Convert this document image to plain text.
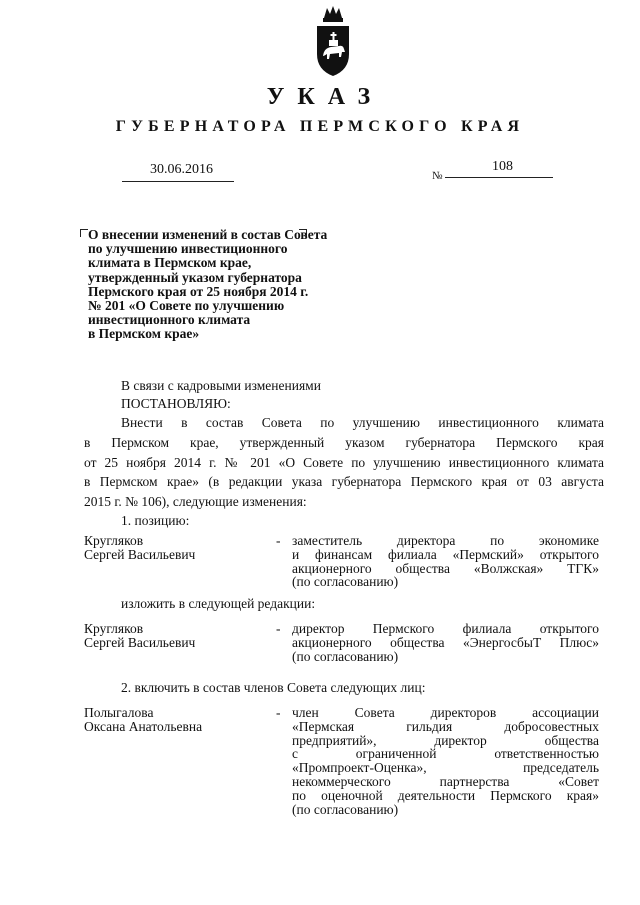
УКАЗ
ГУБЕРНАТОРА ПЕРМСКОГО КРАЯ
30.06.2016	№
108
О внесении изменений в состав Совета
по улучшению инвестиционного
климата в Пермском крае,
утвержденный указом губернатора
Пермского края от 25 ноября 2014 г.
№ 201 «О Совете по улучшению
инвестиционного климата
в Пермском крае»
В связи с кадровыми изменениями
ПОСТАНОВЛЯЮ:
Внести в состав Совета по улучшению инвестиционного климата
в Пермском крае, утвержденный указом губернатора Пермского края
от 25 ноября 2014 г. № 201 «О Совете по улучшению инвестиционного климата
в Пермском крае» (в редакции указа губернатора Пермского края от 03 августа
2015 г. № 106), следующие изменения:
1. позицию:
Кругляков
Сергей Васильевич
- заместитель директора по экономике
и финансам филиала «Пермский» открытого
акционерного общества «Волжская» ТГК»
(по согласованию)
изложить в следующей редакции:
Кругляков
Сергей Васильевич
- директор Пермского филиала открытого
акционерного общества «ЭнергосбыТ Плюс»
(по согласованию)
2. включить в состав членов Совета следующих лиц:
Полыгалова
Оксана Анатольевна
- член Совета директоров ассоциации
«Пермская гильдия добросовестных
предприятий», директор общества
с ограниченной ответственностью
«Промпроект-Оценка», председатель
некоммерческого партнерства «Совет
по оценочной деятельности Пермского края»
(по согласованию)
